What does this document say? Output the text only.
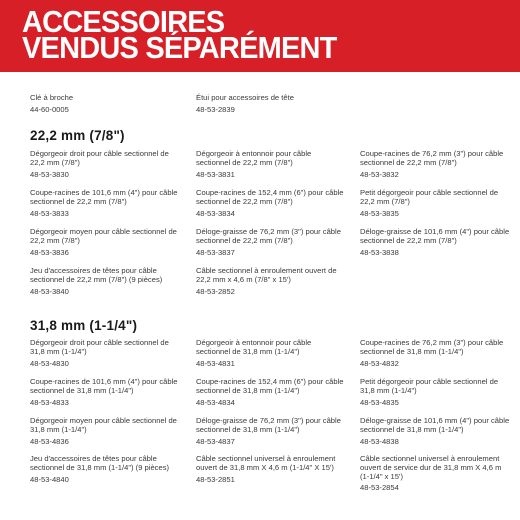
ACCESSOIRES
VENDUS SÉPARÉMENT
Clé à broche
44-60-0005
Étui pour accessoires de tête
48-53-2839
22,2 mm (7/8")
Dégorgeoir droit pour câble sectionnel de 22,2 mm (7/8")
48-53-3830
Dégorgeoir à entonnoir pour câble sectionnel de 22,2 mm (7/8")
48-53-3831
Coupe-racines de 76,2 mm (3") pour câble sectionnel de 22,2 mm (7/8")
48-53-3832
Coupe-racines de 101,6 mm (4") pour câble sectionnel de 22,2 mm (7/8")
48-53-3833
Coupe-racines de 152,4 mm (6") pour câble sectionnel de 22,2 mm (7/8")
48-53-3834
Petit dégorgeoir pour câble sectionnel de 22,2 mm (7/8")
48-53-3835
Dégorgeoir moyen pour câble sectionnel de 22,2 mm (7/8")
48-53-3836
Déloge-graisse de 76,2 mm (3") pour câble sectionnel de 22,2 mm (7/8")
48-53-3837
Déloge-graisse de 101,6 mm (4") pour câble sectionnel de 22,2 mm (7/8")
48-53-3838
Jeu d'accessoires de têtes pour câble sectionnel de 22,2 mm (7/8") (9 pièces)
48-53-3840
Câble sectionnel à enroulement ouvert de 22,2 mm x 4,6 m (7/8" x 15')
48-53-2852
31,8 mm (1-1/4")
Dégorgeoir droit pour câble sectionnel de 31,8 mm (1-1/4")
48-53-4830
Dégorgeoir à entonnoir pour câble sectionnel de 31,8 mm (1-1/4")
48-53-4831
Coupe-racines de 76,2 mm (3") pour câble sectionnel de 31,8 mm (1-1/4")
48-53-4832
Coupe-racines de 101,6 mm (4") pour câble sectionnel de 31,8 mm (1-1/4")
48-53-4833
Coupe-racines de 152,4 mm (6") pour câble sectionnel de 31,8 mm (1-1/4")
48-53-4834
Petit dégorgeoir pour câble sectionnel de 31,8 mm (1-1/4")
48-53-4835
Dégorgeoir moyen pour câble sectionnel de 31,8 mm (1-1/4")
48-53-4836
Déloge-graisse de 76,2 mm (3") pour câble sectionnel de 31,8 mm (1-1/4")
48-53-4837
Déloge-graisse de 101,6 mm (4") pour câble sectionnel de 31,8 mm (1-1/4")
48-53-4838
Jeu d'accessoires de têtes pour câble sectionnel de 31,8 mm (1-1/4") (9 pièces)
48-53-4840
Câble sectionnel universel à enroulement ouvert de 31,8 mm X 4,6 m (1-1/4" X 15')
48-53-2851
Câble sectionnel universel à enroulement ouvert de service dur de 31,8 mm X 4,6 m (1-1/4" x 15')
48-53-2854
